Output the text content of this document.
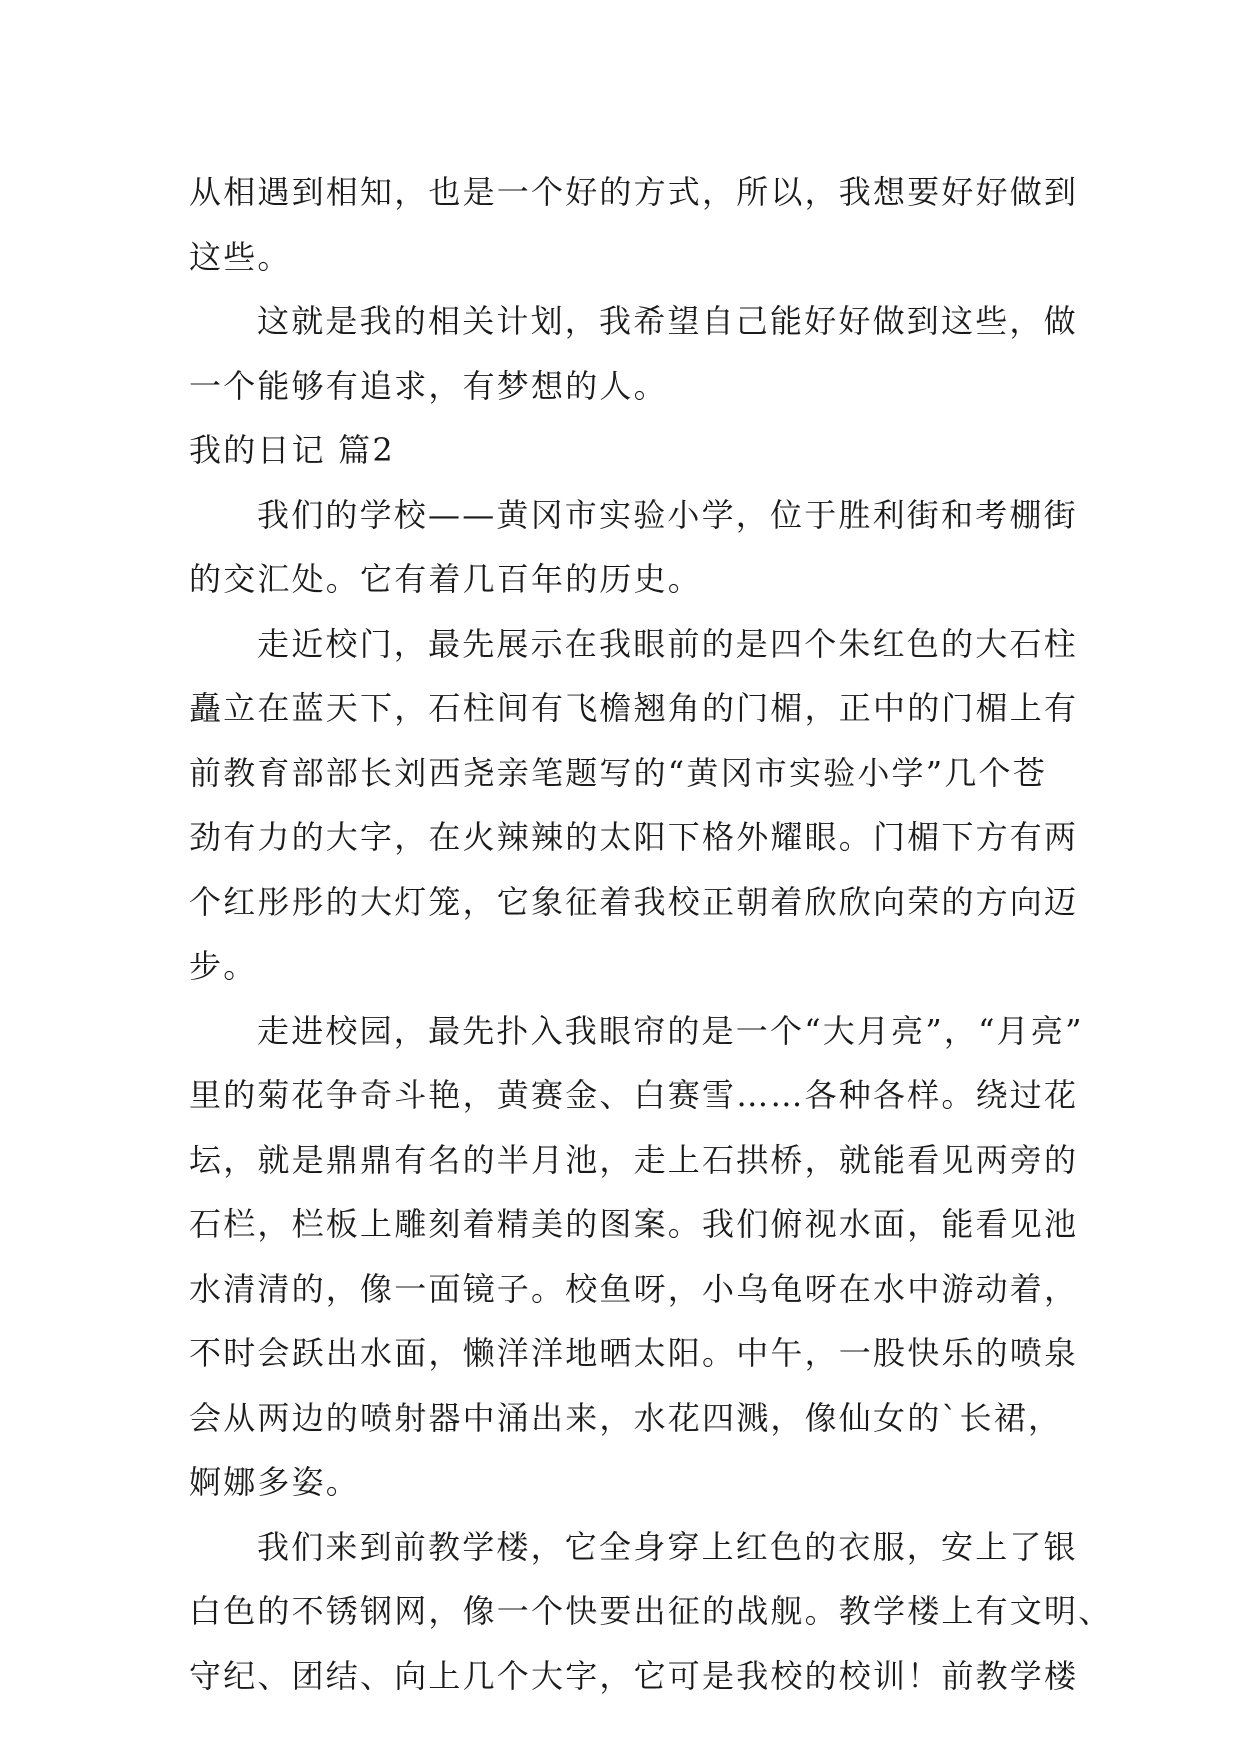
从相遇到相知，也是一个好的方式，所以，我想要好好做到
这些。
这就是我的相关计划，我希望自己能好好做到这些，做
一个能够有追求，有梦想的人。
我的日记 篇2
我们的学校——黄冈市实验小学，位于胜利街和考棚街
的交汇处。它有着几百年的历史。
走近校门，最先展示在我眼前的是四个朱红色的大石柱
矗立在蓝天下，石柱间有飞檐翘角的门楣，正中的门楣上有
前教育部部长刘西尧亲笔题写的“黄冈市实验小学”几个苍
劲有力的大字，在火辣辣的太阳下格外耀眼。门楣下方有两
个红彤彤的大灯笼，它象征着我校正朝着欣欣向荣的方向迈
步。
走进校园，最先扑入我眼帘的是一个“大月亮”，“月亮”
里的菊花争奇斗艳，黄赛金、白赛雪……各种各样。绕过花
坛，就是鼎鼎有名的半月池，走上石拱桥，就能看见两旁的
石栏，栏板上雕刻着精美的图案。我们俯视水面，能看见池
水清清的，像一面镜子。校鱼呀，小乌龟呀在水中游动着，
不时会跃出水面，懒洋洋地晒太阳。中午，一股快乐的喷泉
会从两边的喷射器中涌出来，水花四溅，像仙女的`长裙，
婀娜多姿。
我们来到前教学楼，它全身穿上红色的衣服，安上了银
白色的不锈钢网，像一个快要出征的战舰。教学楼上有文明、
守纪、团结、向上几个大字，它可是我校的校训！前教学楼
